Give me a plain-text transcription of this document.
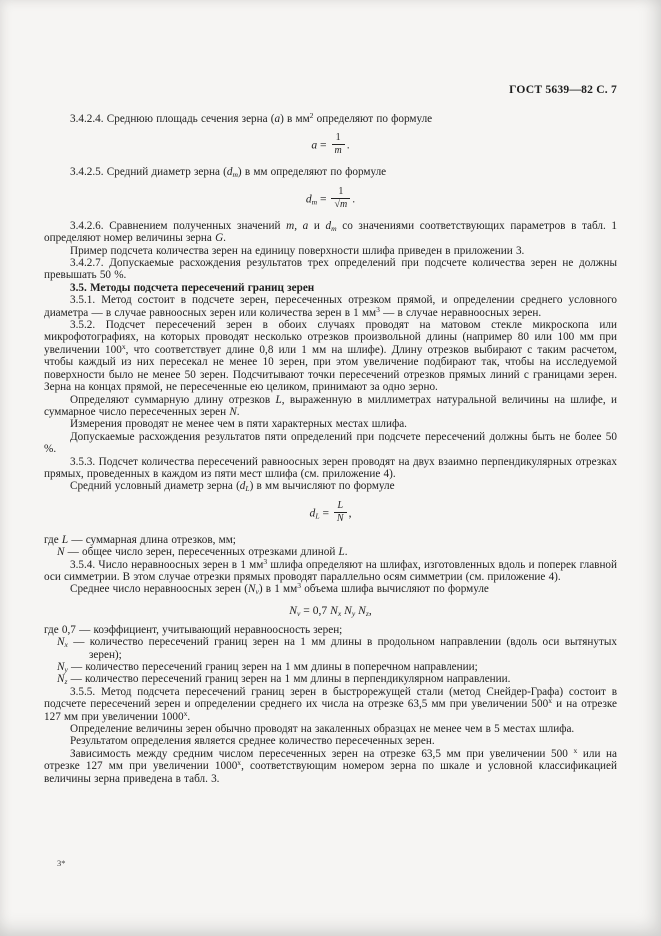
ГОСТ 5639—82 С. 7

3.4.2.4. Среднюю площадь сечения зерна (a) в $мм^2$ определяют по формуле

$a = \frac{1}{m}$ .

3.4.2.5. Средний диаметр зерна (dm) в мм определяют по формуле

dm = $\frac{1}{√m}$ .

3.4.2.6. Сравнением полученных значений m, a и dm со значениями соответствующих параметров в табл. 1 определяют номер величины зерна G.

Пример подсчета количества зерен на единицу поверхности шлифа приведен в приложении 3.

3.4.2.7. Допускаемые расхождения результатов трех определений при подсчете количества зерен не должны превышать 50 %.

3.5. Методы подсчета пересечений границ зерен

3.5.1. Метод состоит в подсчете зерен, пересеченных отрезком прямой, и определении среднего условного диаметра — в случае равноосных зерен или количества зерен в 1 $мм^3$ — в случае неравноосных зерен.

3.5.2. Подсчет пересечений зерен в обоих случаях проводят на матовом стекле микроскопа или микрофотографиях, на которых проводят несколько отрезков произвольной длины (например 80 или 100 мм при увеличении 100$^x$, что соответствует длине 0,8 или 1 мм на шлифе). Длину отрезков выбирают с таким расчетом, чтобы каждый из них пересекал не менее 10 зерен, при этом увеличение подбирают так, чтобы на исследуемой поверхности было не менее 50 зерен. Подсчитывают точки пересечений отрезков прямых линий с границами зерен. Зерна на концах прямой, не пересеченные ею целиком, принимают за одно зерно.

Определяют суммарную длину отрезков L, выраженную в миллиметрах натуральной величины на шлифе, и суммарное число пересеченных зерен N.

Измерения проводят не менее чем в пяти характерных местах шлифа.

Допускаемые расхождения результатов пяти определений при подсчете пересечений должны быть не более 50 %.

3.5.3. Подсчет количества пересечений равноосных зерен проводят на двух взаимно перпендикулярных отрезках прямых, проведенных в каждом из пяти мест шлифа (см. приложение 4).

Средний условный диаметр зерна (dL) в мм вычисляют по формуле

dL = $\frac{L}{N}$ ,

где L — суммарная длина отрезков, мм;

N — общее число зерен, пересеченных отрезками длиной L.

3.5.4. Число неравноосных зерен в 1 $мм^3$ шлифа определяют на шлифах, изготовленных вдоль и поперек главной оси симметрии. В этом случае отрезки прямых проводят параллельно осям симметрии (см. приложение 4).

Среднее число неравноосных зерен (Nv) в 1 $мм^3$ объема шлифа вычисляют по формуле

Nv = 0,7 Nx Ny Nz,

где 0,7 — коэффициент, учитывающий неравноосность зерен;

Nx — количество пересечений границ зерен на 1 мм длины в продольном направлении (вдоль оси вытянутых зерен);

Ny — количество пересечений границ зерен на 1 мм длины в поперечном направлении;

Nz — количество пересечений границ зерен на 1 мм длины в перпендикулярном направлении.

3.5.5. Метод подсчета пересечений границ зерен в быстрорежущей стали (метод Снейдер-Графа) состоит в подсчете пересечений зерен и определении среднего их числа на отрезке 63,5 мм при увеличении 500$^x$ и на отрезке 127 мм при увеличении 1000$^x$.

Определение величины зерен обычно проводят на закаленных образцах не менее чем в 5 местах шлифа.

Результатом определения является среднее количество пересеченных зерен.

Зависимость между средним числом пересеченных зерен на отрезке 63,5 мм при увеличении 500 $^x$ или на отрезке 127 мм при увеличении 1000$^x$, соответствующим номером зерна по шкале и условной классификацией величины зерна приведена в табл. 3.

3*
